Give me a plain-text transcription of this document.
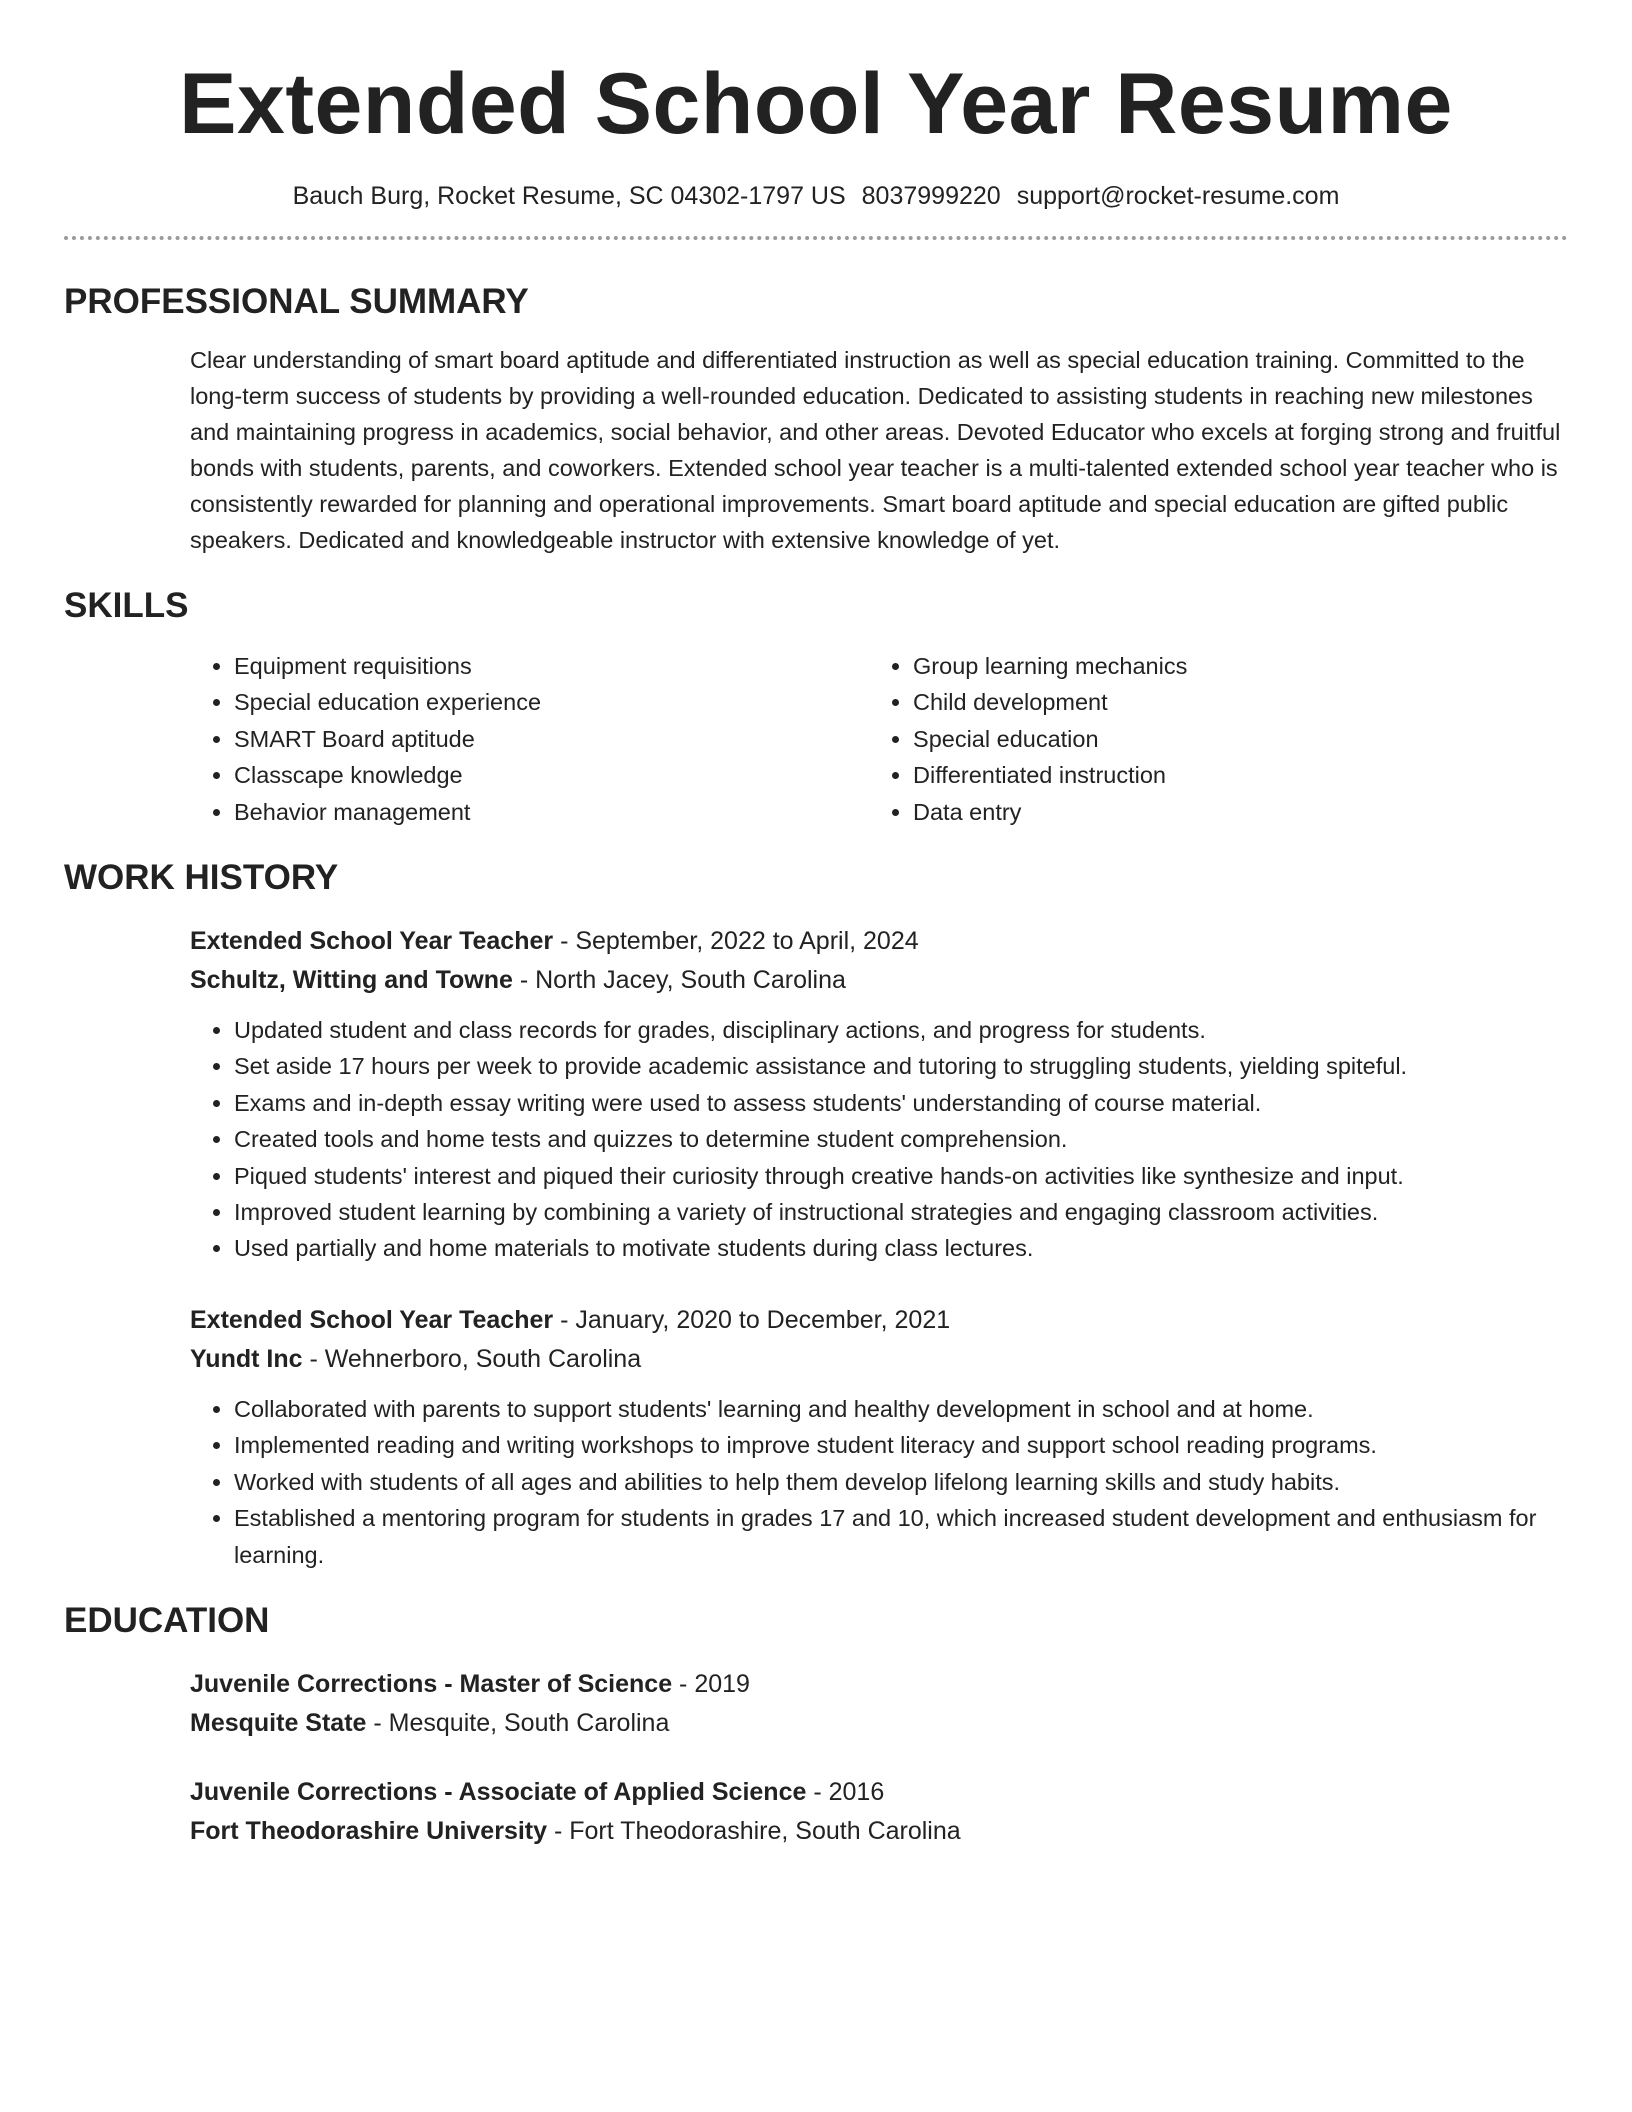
Extended School Year Resume
Bauch Burg, Rocket Resume, SC 04302-1797 US 8037999220 support@rocket-resume.com
PROFESSIONAL SUMMARY
Clear understanding of smart board aptitude and differentiated instruction as well as special education training. Committed to the long-term success of students by providing a well-rounded education. Dedicated to assisting students in reaching new milestones and maintaining progress in academics, social behavior, and other areas. Devoted Educator who excels at forging strong and fruitful bonds with students, parents, and coworkers. Extended school year teacher is a multi-talented extended school year teacher who is consistently rewarded for planning and operational improvements. Smart board aptitude and special education are gifted public speakers. Dedicated and knowledgeable instructor with extensive knowledge of yet.
SKILLS
• Equipment requisitions
• Special education experience
• SMART Board aptitude
• Classcape knowledge
• Behavior management
• Group learning mechanics
• Child development
• Special education
• Differentiated instruction
• Data entry
WORK HISTORY
Extended School Year Teacher - September, 2022 to April, 2024
Schultz, Witting and Towne - North Jacey, South Carolina
• Updated student and class records for grades, disciplinary actions, and progress for students.
• Set aside 17 hours per week to provide academic assistance and tutoring to struggling students, yielding spiteful.
• Exams and in-depth essay writing were used to assess students' understanding of course material.
• Created tools and home tests and quizzes to determine student comprehension.
• Piqued students' interest and piqued their curiosity through creative hands-on activities like synthesize and input.
• Improved student learning by combining a variety of instructional strategies and engaging classroom activities.
• Used partially and home materials to motivate students during class lectures.
Extended School Year Teacher - January, 2020 to December, 2021
Yundt Inc - Wehnerboro, South Carolina
• Collaborated with parents to support students' learning and healthy development in school and at home.
• Implemented reading and writing workshops to improve student literacy and support school reading programs.
• Worked with students of all ages and abilities to help them develop lifelong learning skills and study habits.
• Established a mentoring program for students in grades 17 and 10, which increased student development and enthusiasm for learning.
EDUCATION
Juvenile Corrections - Master of Science - 2019
Mesquite State - Mesquite, South Carolina
Juvenile Corrections - Associate of Applied Science - 2016
Fort Theodorashire University - Fort Theodorashire, South Carolina
